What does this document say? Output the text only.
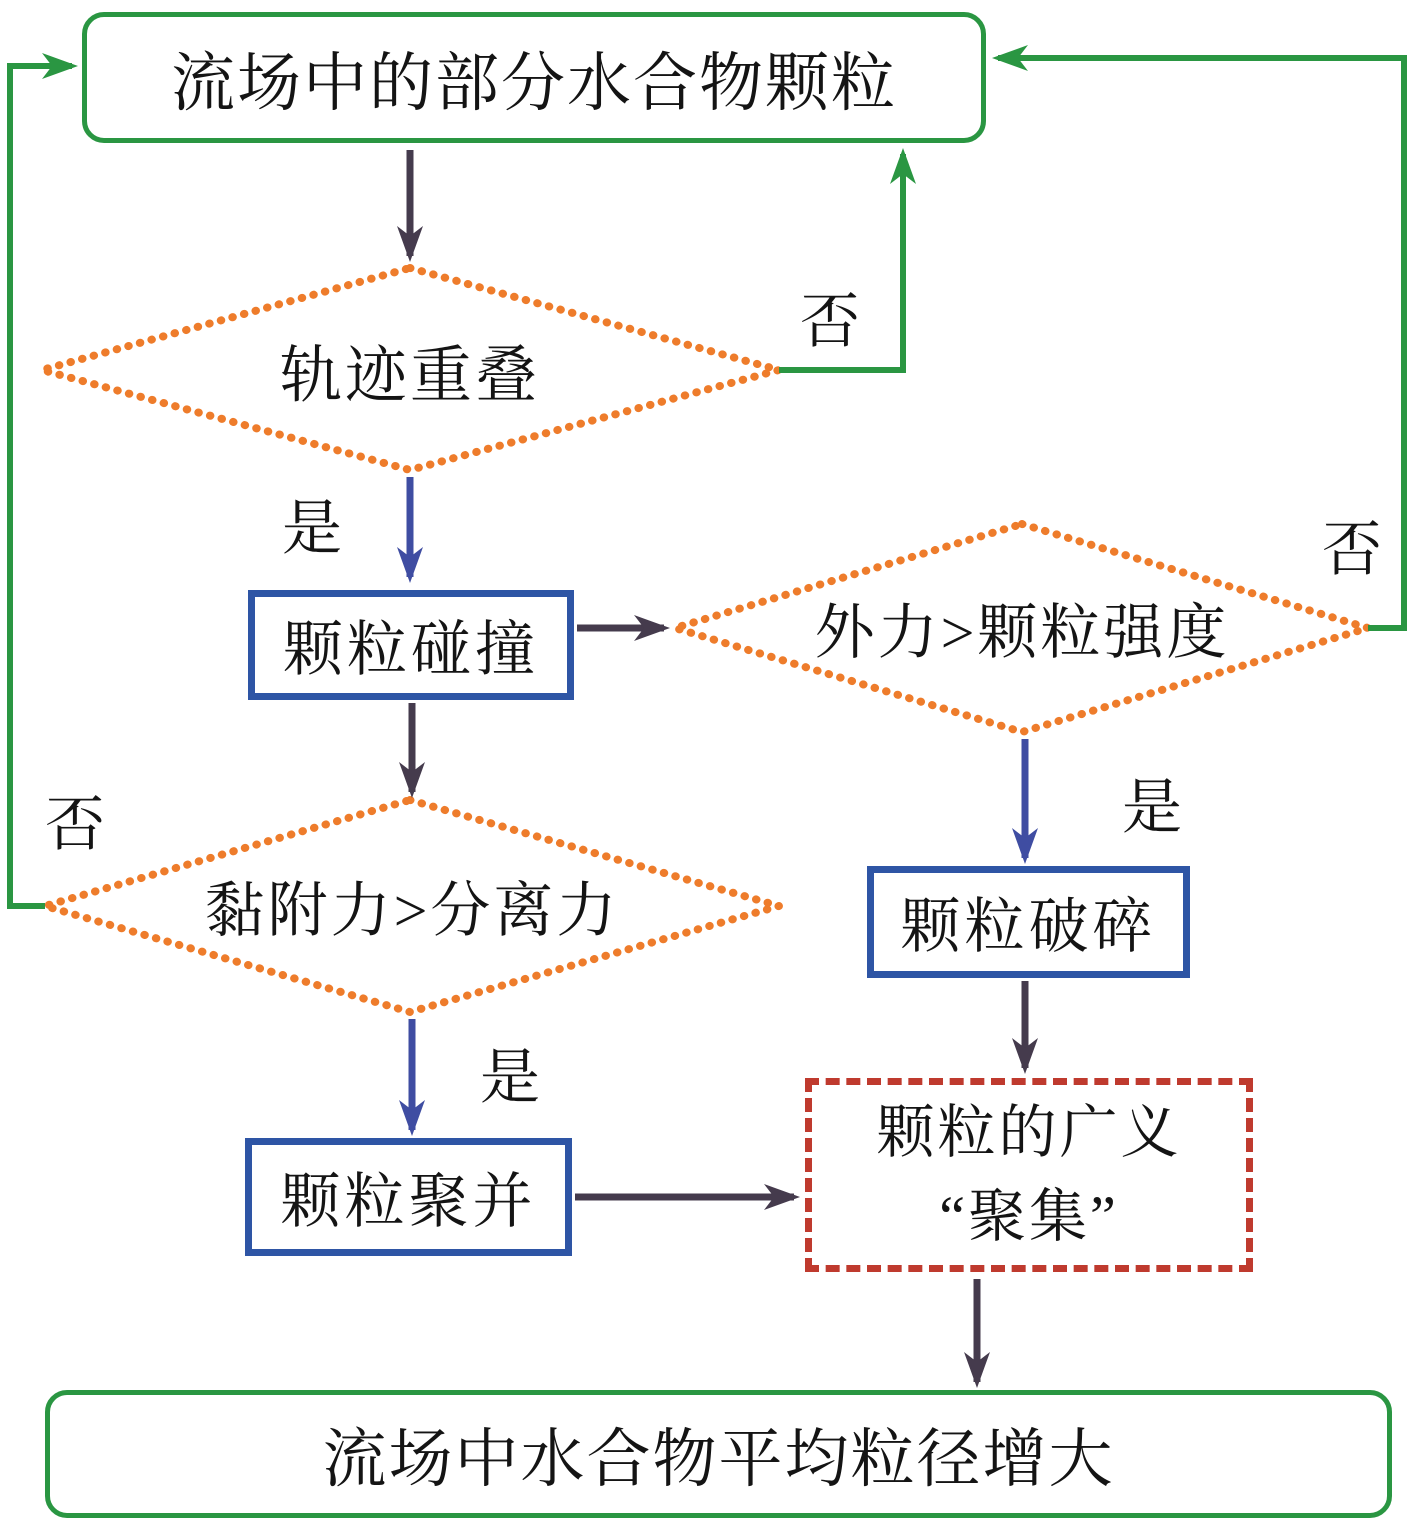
流场中的部分水合物颗粒
流场中水合物平均粒径增大
颗粒碰撞
颗粒破碎
颗粒聚并
颗粒的广义
“聚集”
轨迹重叠
外力>颗粒强度
黏附力>分离力
是
否
是
否
是
否
